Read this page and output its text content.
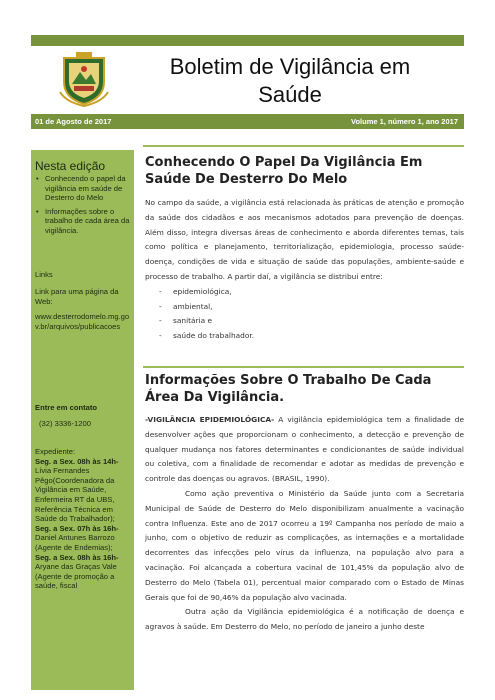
Boletim de Vigilância em
Saúde
01 de Agosto de 2017	Volume 1, número 1, ano 2017
Nesta edição
• Conhecendo o papel da vigilância em saúde de Desterro do Melo
• Informações sobre o trabalho de cada área da vigilância.
Links
Link para uma página da Web:
www.desterrodomelo.mg.gov.br/arquivos/publicacoes
Entre em contato
(32) 3336-1200
Expediente:
Seg. a Sex. 08h às 14h- Lívia Fernandes Pêgo(Coordenadora da Vigilância em Saúde, Enfermeira RT da UBS, Referência Técnica em Saúde do Trabalhador);
Seg. a Sex. 07h às 16h- Daniel Antunes Barrozo (Agente de Endemias);
Seg. a Sex. 08h às 16h- Aryane das Graças Vale (Agente de promoção a saúde, fiscal
Conhecendo O Papel Da Vigilância Em Saúde De Desterro Do Melo

No campo da saúde, a vigilância está relacionada às práticas de atenção e promoção da saúde dos cidadãos e aos mecanismos adotados para prevenção de doenças. Além disso, integra diversas áreas de conhecimento e aborda diferentes temas, tais como política e planejamento, territorialização, epidemiologia, processo saúde-doença, condições de vida e situação de saúde das populações, ambiente-saúde e processo de trabalho. A partir daí, a vigilância se distribui entre:

- epidemiológica,
- ambiental,
- sanitária e
- saúde do trabalhador.
Informações Sobre O Trabalho De Cada Área Da Vigilância.

-VIGILÂNCIA EPIDEMIOLÓGICA- A vigilância epidemiológica tem a finalidade de desenvolver ações que proporcionam o conhecimento, a detecção e prevenção de qualquer mudança nos fatores determinantes e condicionantes de saúde individual ou coletiva, com a finalidade de recomendar e adotar as medidas de prevenção e controle das doenças ou agravos. (BRASIL, 1990).

Como ação preventiva o Ministério da Saúde junto com a Secretaria Municipal de Saúde de Desterro do Melo disponibilizam anualmente a vacinação contra Influenza. Este ano de 2017 ocorreu a 19º Campanha nos período de maio a junho, com o objetivo de reduzir as complicações, as internações e a mortalidade decorrentes das infecções pelo vírus da influenza, na população alvo para a vacinação. Foi alcançada a cobertura vacinal de 101,45% da população alvo de Desterro do Melo (Tabela 01), percentual maior comparado com o Estado de Minas Gerais que foi de 90,46% da população alvo vacinada.

Outra ação da Vigilância epidemiológica é a notificação de doença e agravos à saúde. Em Desterro do Melo, no período de janeiro a junho deste
